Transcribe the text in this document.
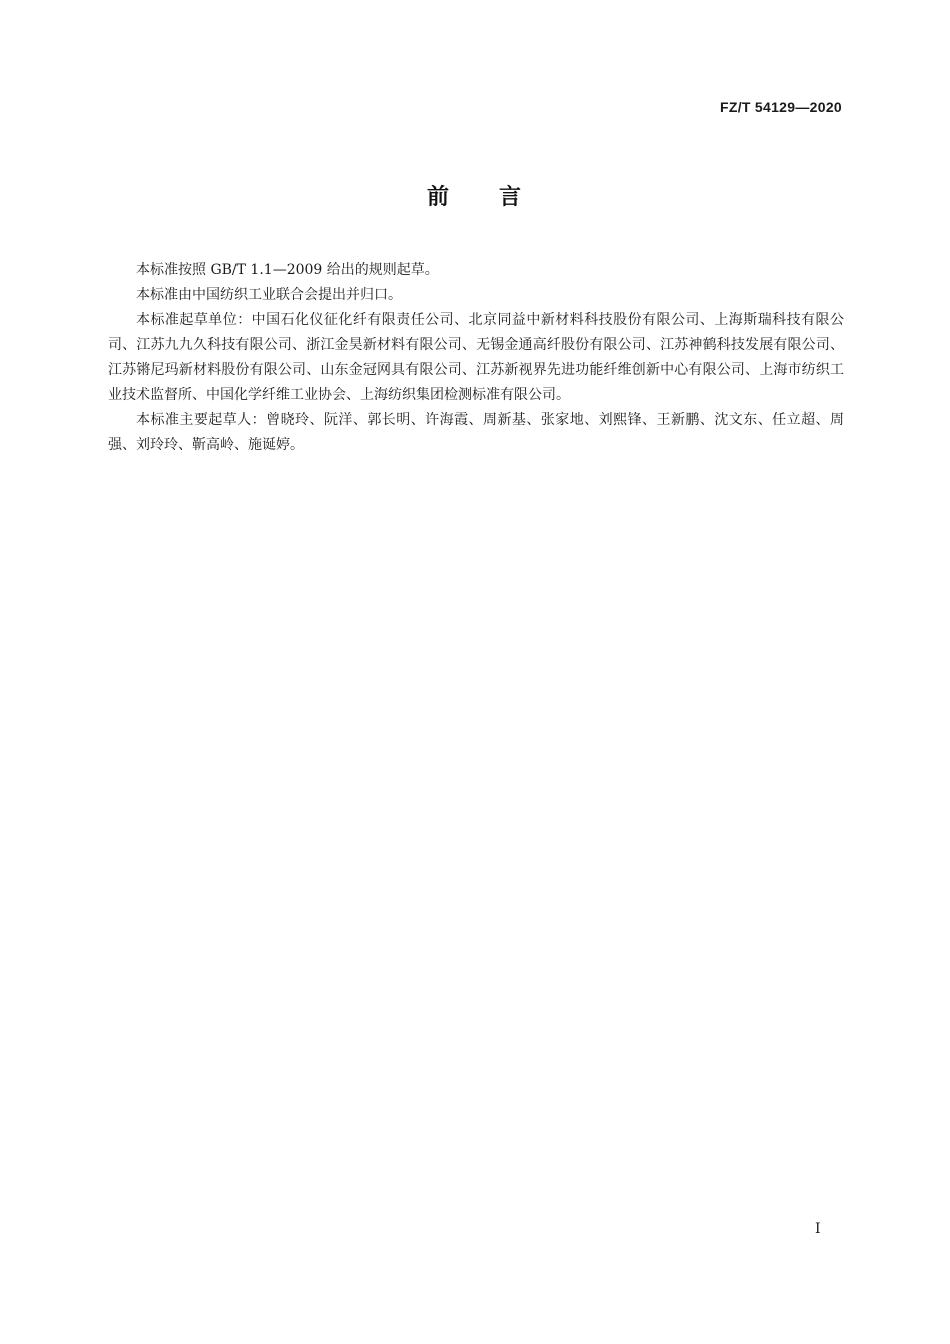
FZ/T 54129—2020
前　　言

本标准按照 GB/T 1.1—2009 给出的规则起草。

本标准由中国纺织工业联合会提出并归口。

本标准起草单位：中国石化仪征化纤有限责任公司、北京同益中新材料科技股份有限公司、上海斯瑞科技有限公司、江苏九九久科技有限公司、浙江金昊新材料有限公司、无锡金通高纤股份有限公司、江苏神鹤科技发展有限公司、江苏锵尼玛新材料股份有限公司、山东金冠网具有限公司、江苏新视界先进功能纤维创新中心有限公司、上海市纺织工业技术监督所、中国化学纤维工业协会、上海纺织集团检测标准有限公司。

本标准主要起草人：曾晓玲、阮洋、郭长明、许海霞、周新基、张家地、刘熙锋、王新鹏、沈文东、任立超、周强、刘玲玲、靳高岭、施诞婷。

I
